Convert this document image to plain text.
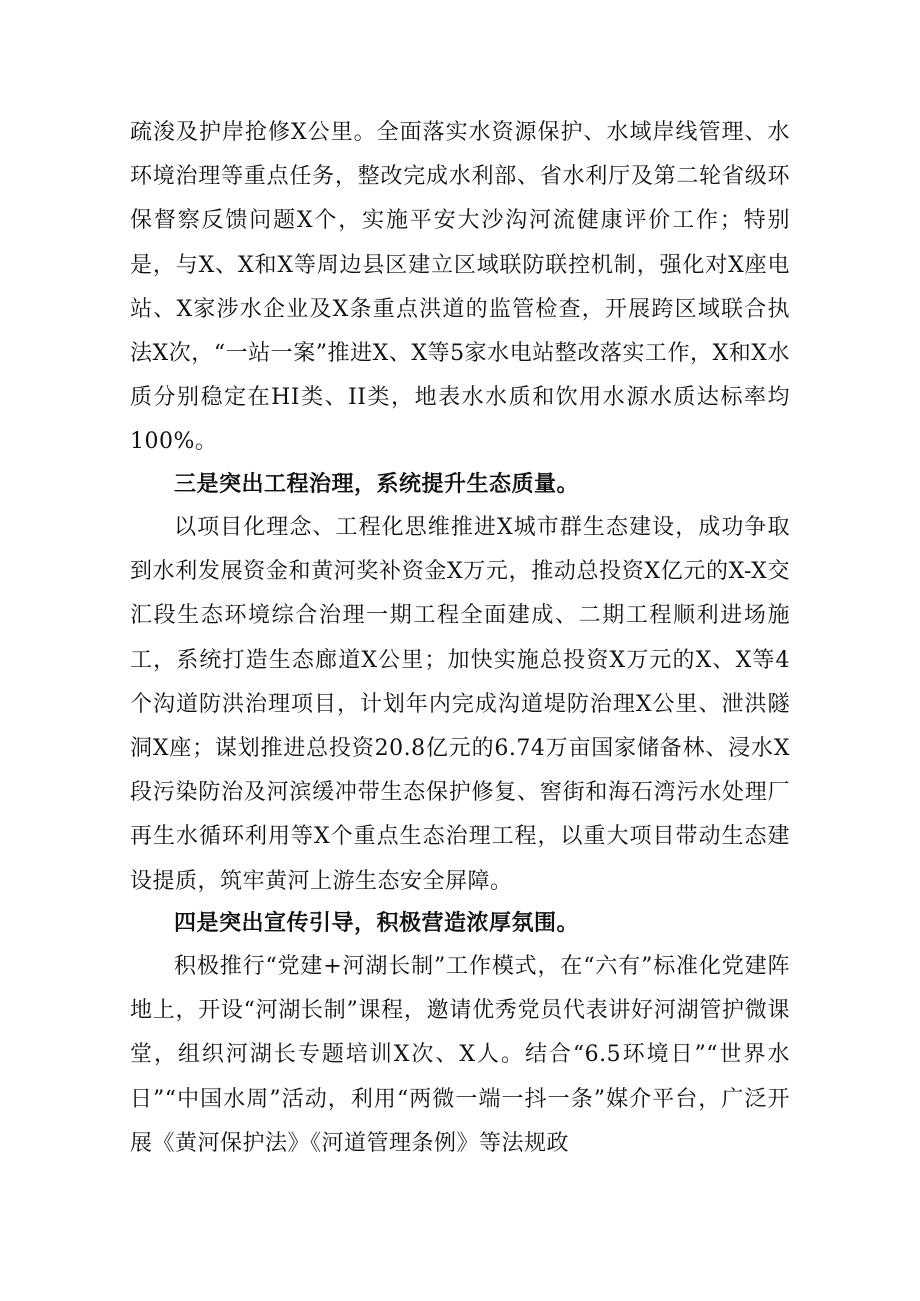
疏浚及护岸抢修X公里。全面落实水资源保护、水域岸线管理、水环境治理等重点任务，整改完成水利部、省水利厅及第二轮省级环保督察反馈问题X个，实施平安大沙沟河流健康评价工作；特别是，与X、X和X等周边县区建立区域联防联控机制，强化对X座电站、X家涉水企业及X条重点洪道的监管检查，开展跨区域联合执法X次，“一站一案”推进X、X等5家水电站整改落实工作，X和X水质分别稳定在HI类、II类，地表水水质和饮用水源水质达标率均100%。

三是突出工程治理，系统提升生态质量。

以项目化理念、工程化思维推进X城市群生态建设，成功争取到水利发展资金和黄河奖补资金X万元，推动总投资X亿元的X-X交汇段生态环境综合治理一期工程全面建成、二期工程顺利进场施工，系统打造生态廊道X公里；加快实施总投资X万元的X、X等4个沟道防洪治理项目，计划年内完成沟道堤防治理X公里、泄洪隧洞X座；谋划推进总投资20.8亿元的6.74万亩国家储备林、浸水X段污染防治及河滨缓冲带生态保护修复、窖街和海石湾污水处理厂再生水循环利用等X个重点生态治理工程，以重大项目带动生态建设提质，筑牢黄河上游生态安全屏障。

四是突出宣传引导，积极营造浓厚氛围。

积极推行“党建+河湖长制”工作模式，在“六有”标准化党建阵地上，开设“河湖长制”课程，邀请优秀党员代表讲好河湖管护微课堂，组织河湖长专题培训X次、X人。结合“6.5环境日”“世界水日”“中国水周”活动，利用“两微一端一抖一条”媒介平台，广泛开展《黄河保护法》《河道管理条例》等法规政
